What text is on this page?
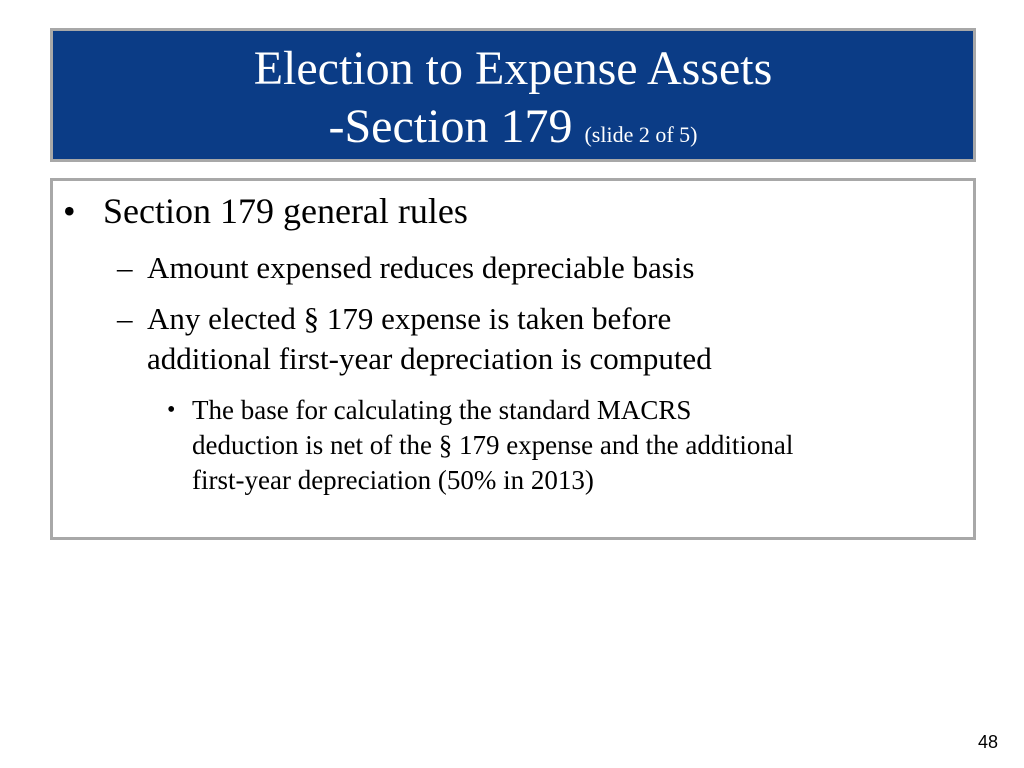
Election to Expense Assets
-Section 179 (slide 2 of 5)
• Section 179 general rules
– Amount expensed reduces depreciable basis
– Any elected § 179 expense is taken before
additional first-year depreciation is computed
• The base for calculating the standard MACRS
deduction is net of the § 179 expense and the additional
first-year depreciation (50% in 2013)
48
